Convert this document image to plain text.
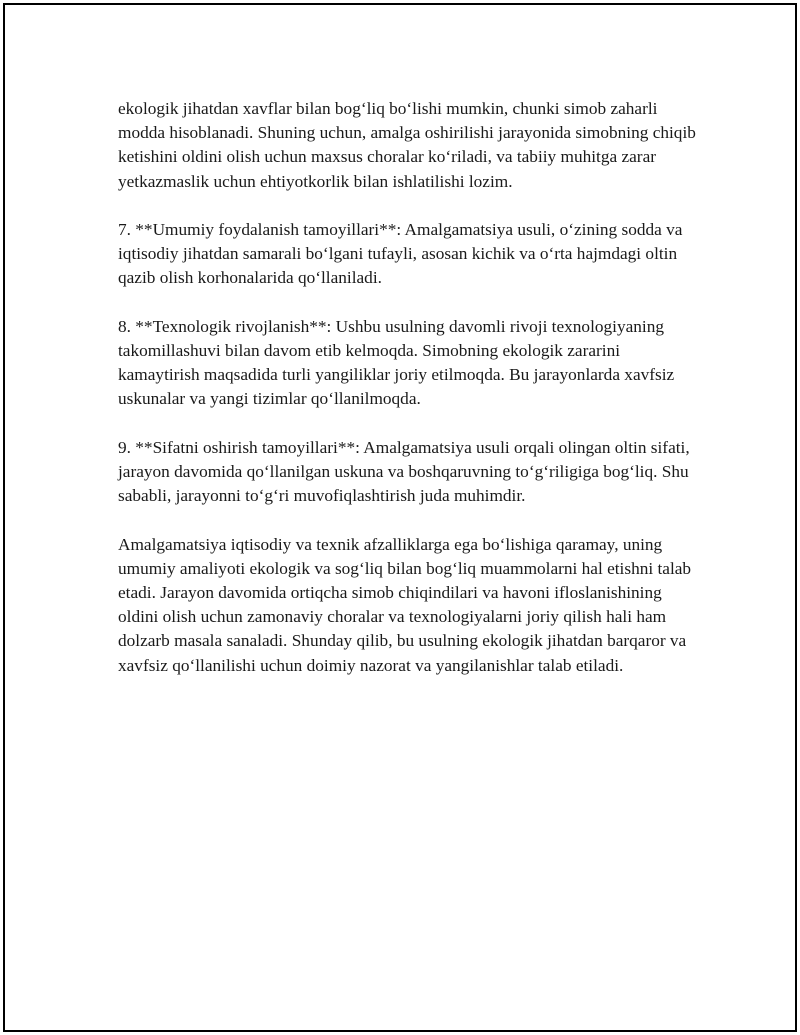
ekologik jihatdan xavflar bilan bog‘liq bo‘lishi mumkin, chunki simob zaharli modda hisoblanadi. Shuning uchun, amalga oshirilishi jarayonida simobning chiqib ketishini oldini olish uchun maxsus choralar ko‘riladi, va tabiiy muhitga zarar yetkazmaslik uchun ehtiyotkorlik bilan ishlatilishi lozim.

7. **Umumiy foydalanish tamoyillari**: Amalgamatsiya usuli, o‘zining sodda va iqtisodiy jihatdan samarali bo‘lgani tufayli, asosan kichik va o‘rta hajmdagi oltin qazib olish korhonalarida qo‘llaniladi.

8. **Texnologik rivojlanish**: Ushbu usulning davomli rivoji texnologiyaning takomillashuvi bilan davom etib kelmoqda. Simobning ekologik zararini kamaytirish maqsadida turli yangiliklar joriy etilmoqda. Bu jarayonlarda xavfsiz uskunalar va yangi tizimlar qo‘llanilmoqda.

9. **Sifatni oshirish tamoyillari**: Amalgamatsiya usuli orqali olingan oltin sifati, jarayon davomida qo‘llanilgan uskuna va boshqaruvning to‘g‘riligiga bog‘liq. Shu sababli, jarayonni to‘g‘ri muvofiqlashtirish juda muhimdir.

Amalgamatsiya iqtisodiy va texnik afzalliklarga ega bo‘lishiga qaramay, uning umumiy amaliyoti ekologik va sog‘liq bilan bog‘liq muammolarni hal etishni talab etadi. Jarayon davomida ortiqcha simob chiqindilari va havoni ifloslanishining oldini olish uchun zamonaviy choralar va texnologiyalarni joriy qilish hali ham dolzarb masala sanaladi. Shunday qilib, bu usulning ekologik jihatdan barqaror va xavfsiz qo‘llanilishi uchun doimiy nazorat va yangilanishlar talab etiladi.
